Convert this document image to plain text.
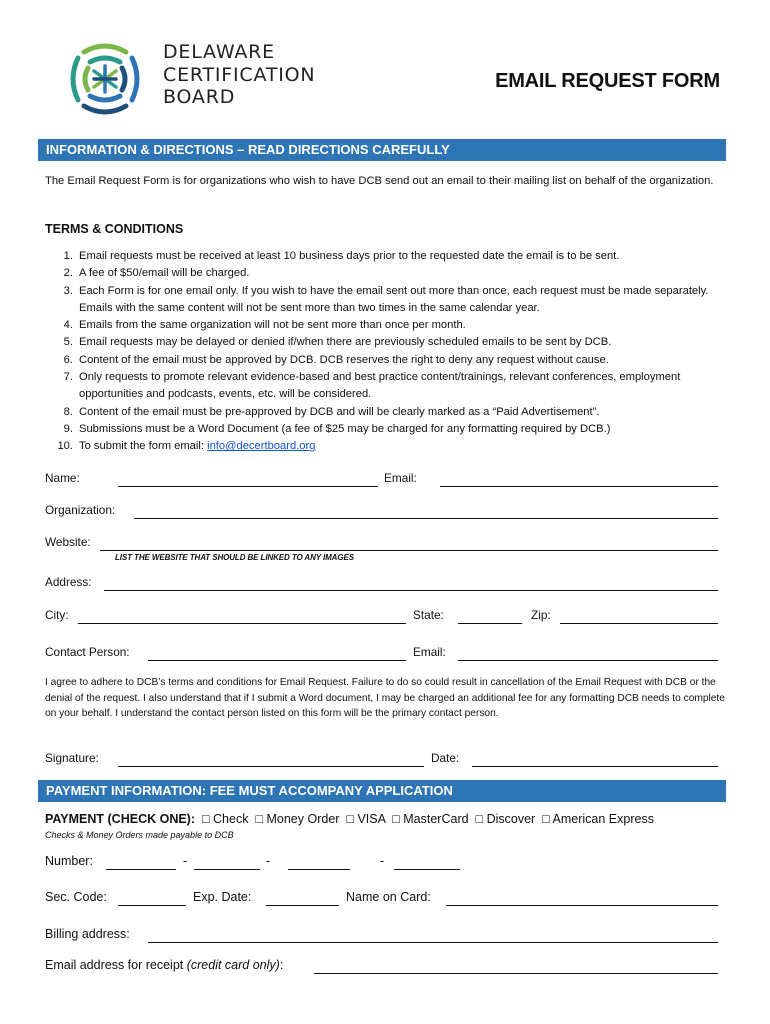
DELAWARE
CERTIFICATION
BOARD
EMAIL REQUEST FORM
INFORMATION & DIRECTIONS – READ DIRECTIONS CAREFULLY
The Email Request Form is for organizations who wish to have DCB send out an email to their mailing list on behalf of the organization.
TERMS & CONDITIONS
1. Email requests must be received at least 10 business days prior to the requested date the email is to be sent.
2. A fee of $50/email will be charged.
3. Each Form is for one email only. If you wish to have the email sent out more than once, each request must be made separately. Emails with the same content will not be sent more than two times in the same calendar year.
4. Emails from the same organization will not be sent more than once per month.
5. Email requests may be delayed or denied if/when there are previously scheduled emails to be sent by DCB.
6. Content of the email must be approved by DCB. DCB reserves the right to deny any request without cause.
7. Only requests to promote relevant evidence-based and best practice content/trainings, relevant conferences, employment opportunities and podcasts, events, etc. will be considered.
8. Content of the email must be pre-approved by DCB and will be clearly marked as a “Paid Advertisement”.
9. Submissions must be a Word Document (a fee of $25 may be charged for any formatting required by DCB.)
10. To submit the form email: info@decertboard.org
Name:	Email:
Organization:
Website:
LIST THE WEBSITE THAT SHOULD BE LINKED TO ANY IMAGES
Address:
City:	State:	Zip:
Contact Person:	Email:
I agree to adhere to DCB’s terms and conditions for Email Request. Failure to do so could result in cancellation of the Email Request with DCB or the denial of the request. I also understand that if I submit a Word document, I may be charged an additional fee for any formatting DCB needs to complete on your behalf. I understand the contact person listed on this form will be the primary contact person.
Signature:	Date:
PAYMENT INFORMATION: FEE MUST ACCOMPANY APPLICATION
PAYMENT (CHECK ONE): □ Check □ Money Order □ VISA □ MasterCard □ Discover □ American Express
Checks & Money Orders made payable to DCB
Number:	-	-	-
Sec. Code:	Exp. Date:	Name on Card:
Billing address:
Email address for receipt (credit card only):
